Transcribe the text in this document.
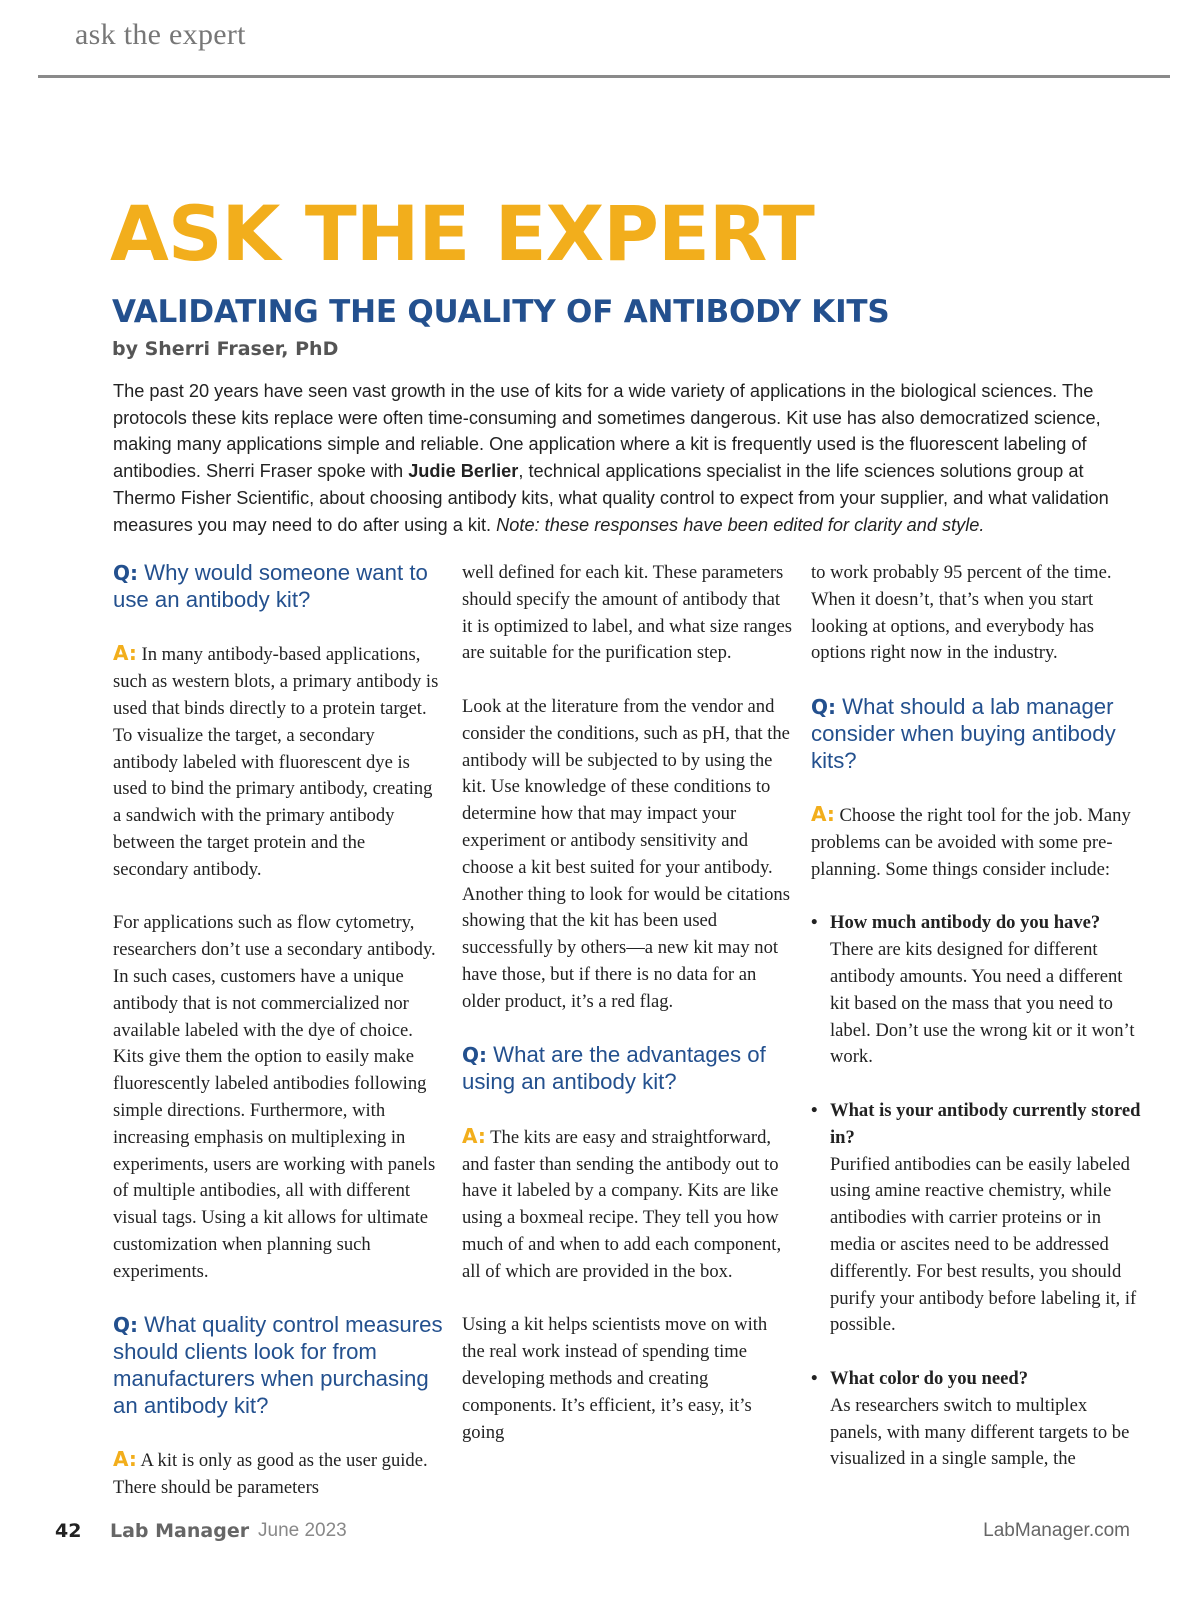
ask the expert
ASK THE EXPERT
VALIDATING THE QUALITY OF ANTIBODY KITS
by Sherri Fraser, PhD
The past 20 years have seen vast growth in the use of kits for a wide variety of applications in the biological sciences. The protocols these kits replace were often time-consuming and sometimes dangerous. Kit use has also democratized science, making many applications simple and reliable. One application where a kit is frequently used is the fluorescent labeling of antibodies. Sherri Fraser spoke with Judie Berlier, technical applications specialist in the life sciences solutions group at Thermo Fisher Scientific, about choosing antibody kits, what quality control to expect from your supplier, and what validation measures you may need to do after using a kit. Note: these responses have been edited for clarity and style.
Q: Why would someone want to use an antibody kit?

A: In many antibody-based applications, such as western blots, a primary antibody is used that binds directly to a protein target. To visualize the target, a secondary antibody labeled with fluorescent dye is used to bind the primary antibody, creating a sandwich with the primary antibody between the target protein and the secondary antibody.

For applications such as flow cytometry, researchers don’t use a secondary antibody. In such cases, customers have a unique antibody that is not commercialized nor available labeled with the dye of choice. Kits give them the option to easily make fluorescently labeled antibodies following simple directions. Furthermore, with increasing emphasis on multiplexing in experiments, users are working with panels of multiple antibodies, all with different visual tags. Using a kit allows for ultimate customization when planning such experiments.

Q: What quality control measures should clients look for from manufacturers when purchasing an antibody kit?

A: A kit is only as good as the user guide. There should be parameters

well defined for each kit. These parameters should specify the amount of antibody that it is optimized to label, and what size ranges are suitable for the purification step.

Look at the literature from the vendor and consider the conditions, such as pH, that the antibody will be subjected to by using the kit. Use knowledge of these conditions to determine how that may impact your experiment or antibody sensitivity and choose a kit best suited for your antibody. Another thing to look for would be citations showing that the kit has been used successfully by others—a new kit may not have those, but if there is no data for an older product, it’s a red flag.

Q: What are the advantages of using an antibody kit?

A: The kits are easy and straightforward, and faster than sending the antibody out to have it labeled by a company. Kits are like using a boxmeal recipe. They tell you how much of and when to add each component, all of which are provided in the box.

Using a kit helps scientists move on with the real work instead of spending time developing methods and creating components. It’s efficient, it’s easy, it’s going

to work probably 95 percent of the time. When it doesn’t, that’s when you start looking at options, and everybody has options right now in the industry.

Q: What should a lab manager consider when buying antibody kits?

A: Choose the right tool for the job. Many problems can be avoided with some pre-planning. Some things consider include:

• How much antibody do you have?
There are kits designed for different antibody amounts. You need a different kit based on the mass that you need to label. Don’t use the wrong kit or it won’t work.
• What is your antibody currently stored in?
Purified antibodies can be easily labeled using amine reactive chemistry, while antibodies with carrier proteins or in media or ascites need to be addressed differently. For best results, you should purify your antibody before labeling it, if possible.
• What color do you need?
As researchers switch to multiplex panels, with many different targets to be visualized in a single sample, the
42 Lab Manager June 2023	LabManager.com
